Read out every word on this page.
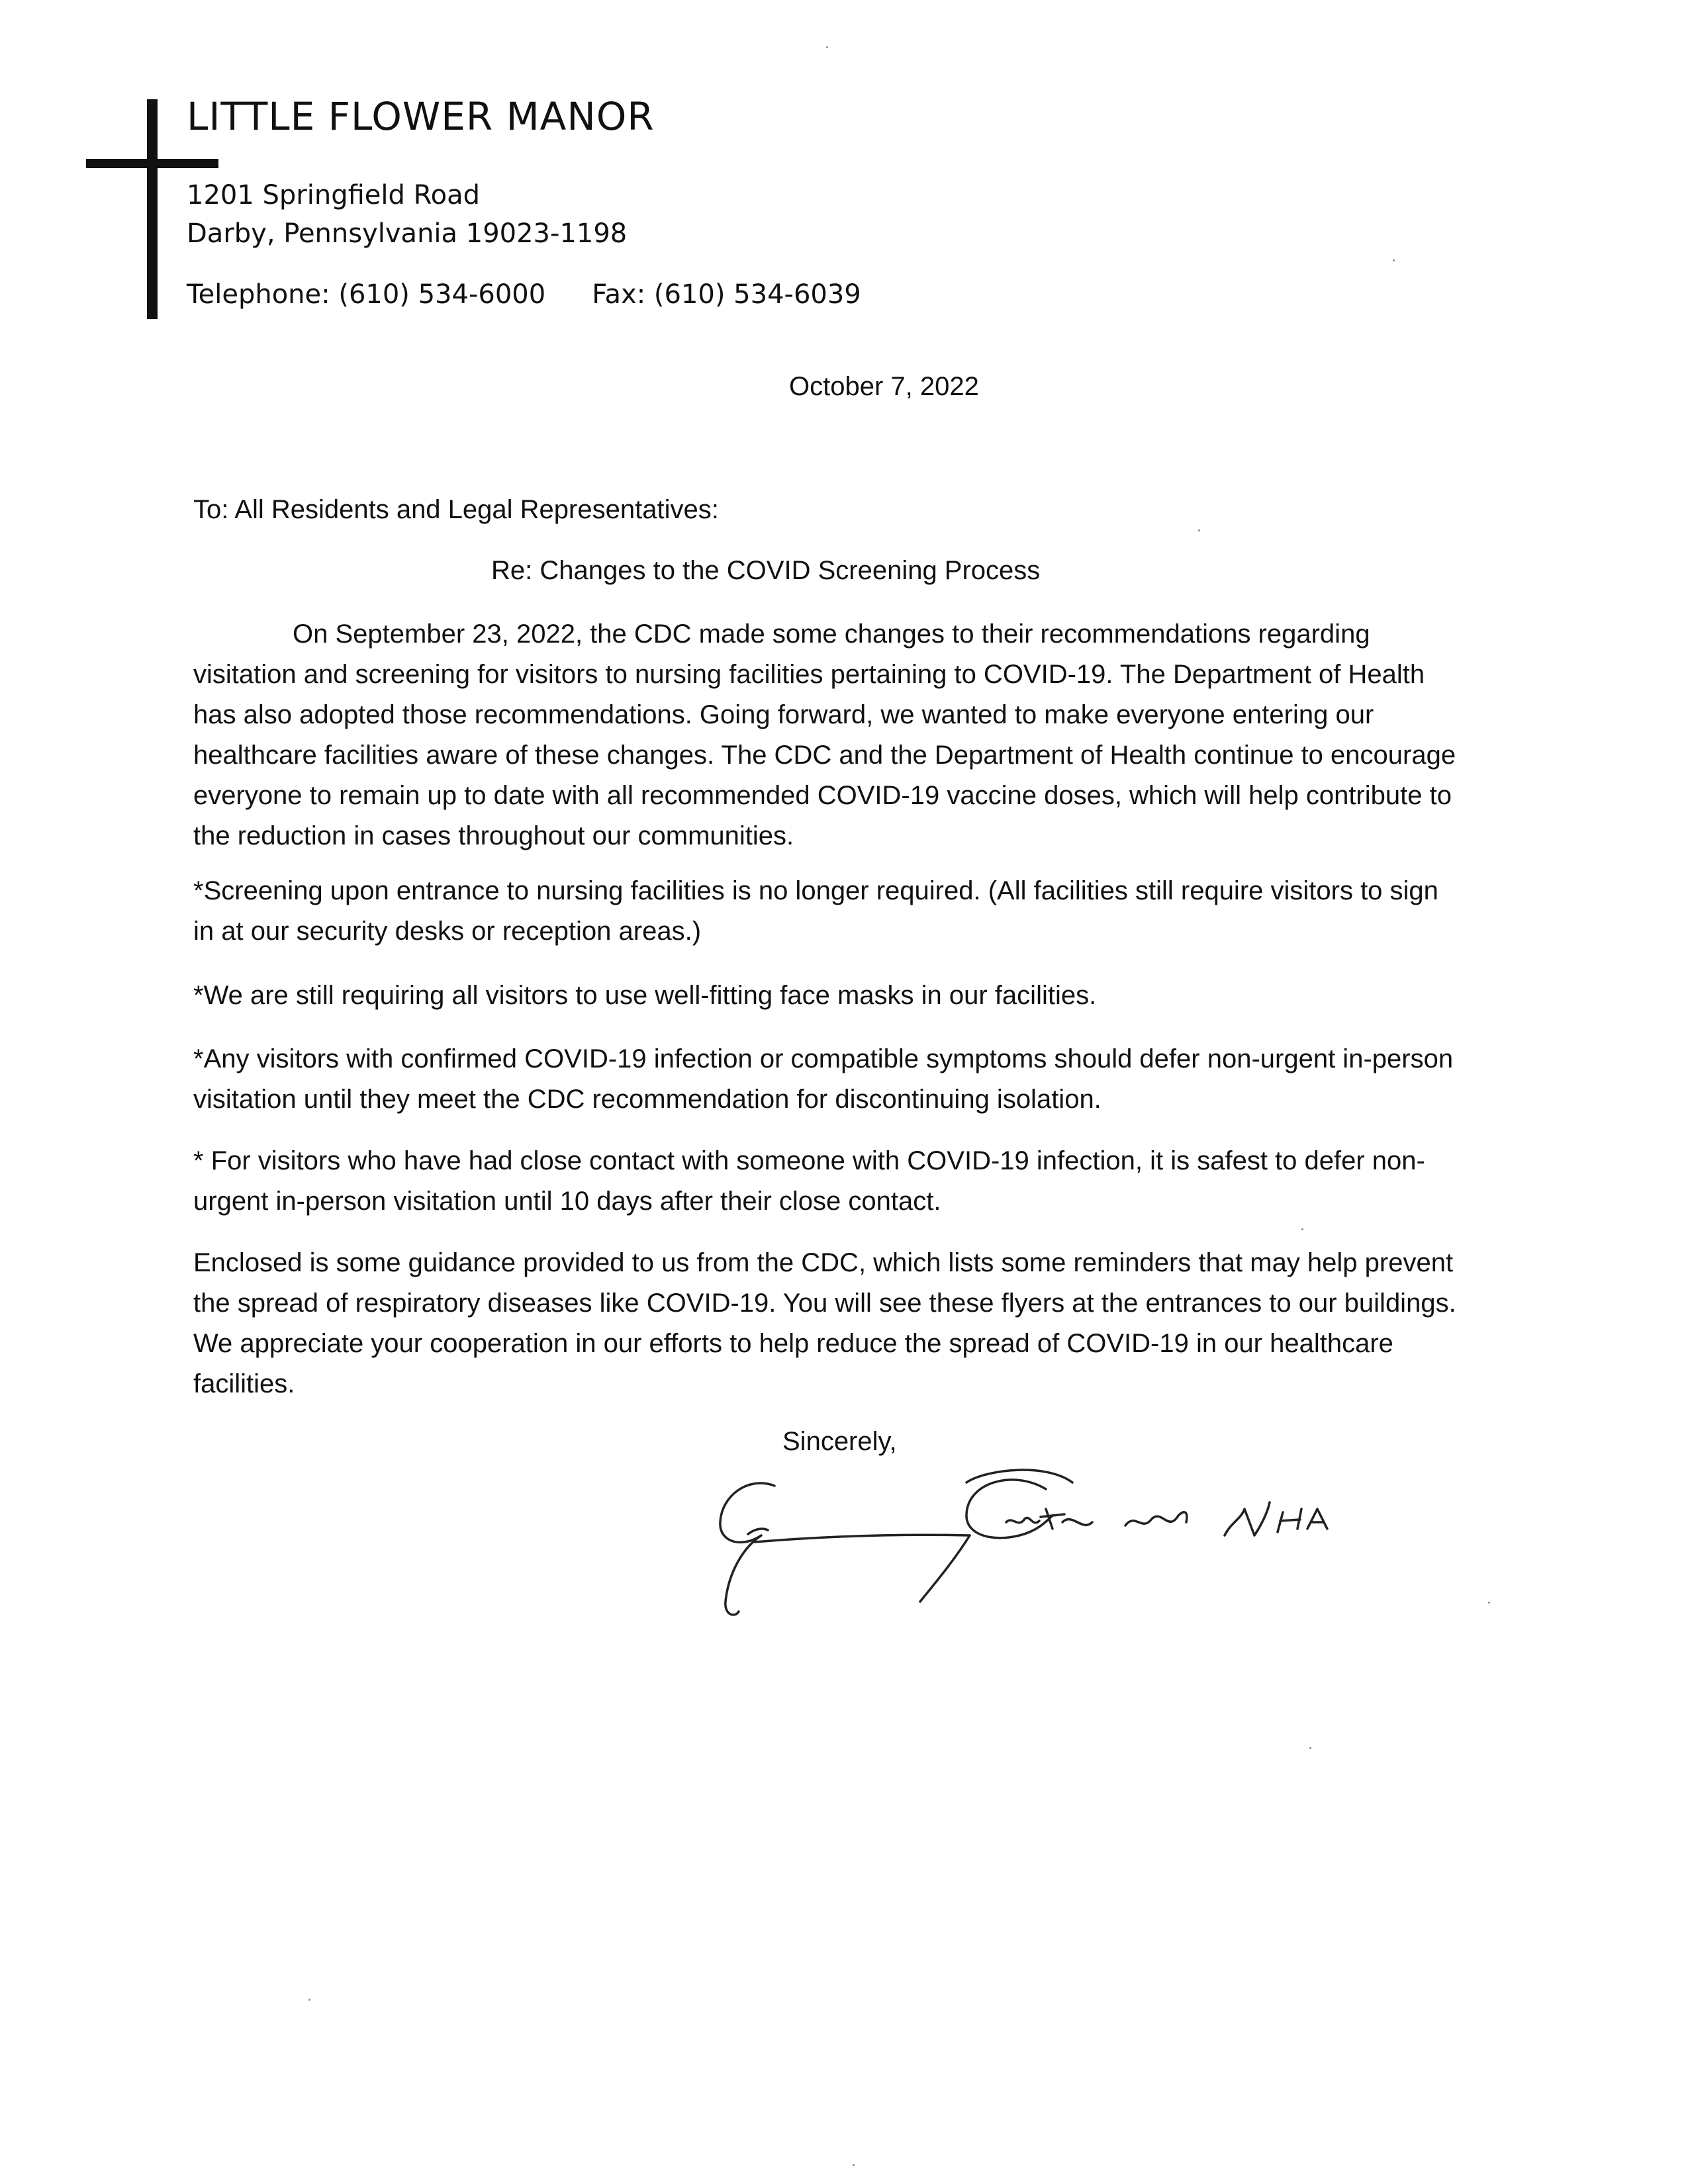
LITTLE FLOWER MANOR
1201 Springfield Road
Darby, Pennsylvania 19023-1198
Telephone: (610) 534-6000 Fax: (610) 534-6039
October 7, 2022
To: All Residents and Legal Representatives:
Re: Changes to the COVID Screening Process

On September 23, 2022, the CDC made some changes to their recommendations regarding visitation and screening for visitors to nursing facilities pertaining to COVID-19. The Department of Health has also adopted those recommendations. Going forward, we wanted to make everyone entering our healthcare facilities aware of these changes. The CDC and the Department of Health continue to encourage everyone to remain up to date with all recommended COVID-19 vaccine doses, which will help contribute to the reduction in cases throughout our communities.

*Screening upon entrance to nursing facilities is no longer required. (All facilities still require visitors to sign in at our security desks or reception areas.)

*We are still requiring all visitors to use well-fitting face masks in our facilities.

*Any visitors with confirmed COVID-19 infection or compatible symptoms should defer non-urgent in-person visitation until they meet the CDC recommendation for discontinuing isolation.

* For visitors who have had close contact with someone with COVID-19 infection, it is safest to defer non-urgent in-person visitation until 10 days after their close contact.

Enclosed is some guidance provided to us from the CDC, which lists some reminders that may help prevent the spread of respiratory diseases like COVID-19. You will see these flyers at the entrances to our buildings. We appreciate your cooperation in our efforts to help reduce the spread of COVID-19 in our healthcare facilities.

Sincerely,
